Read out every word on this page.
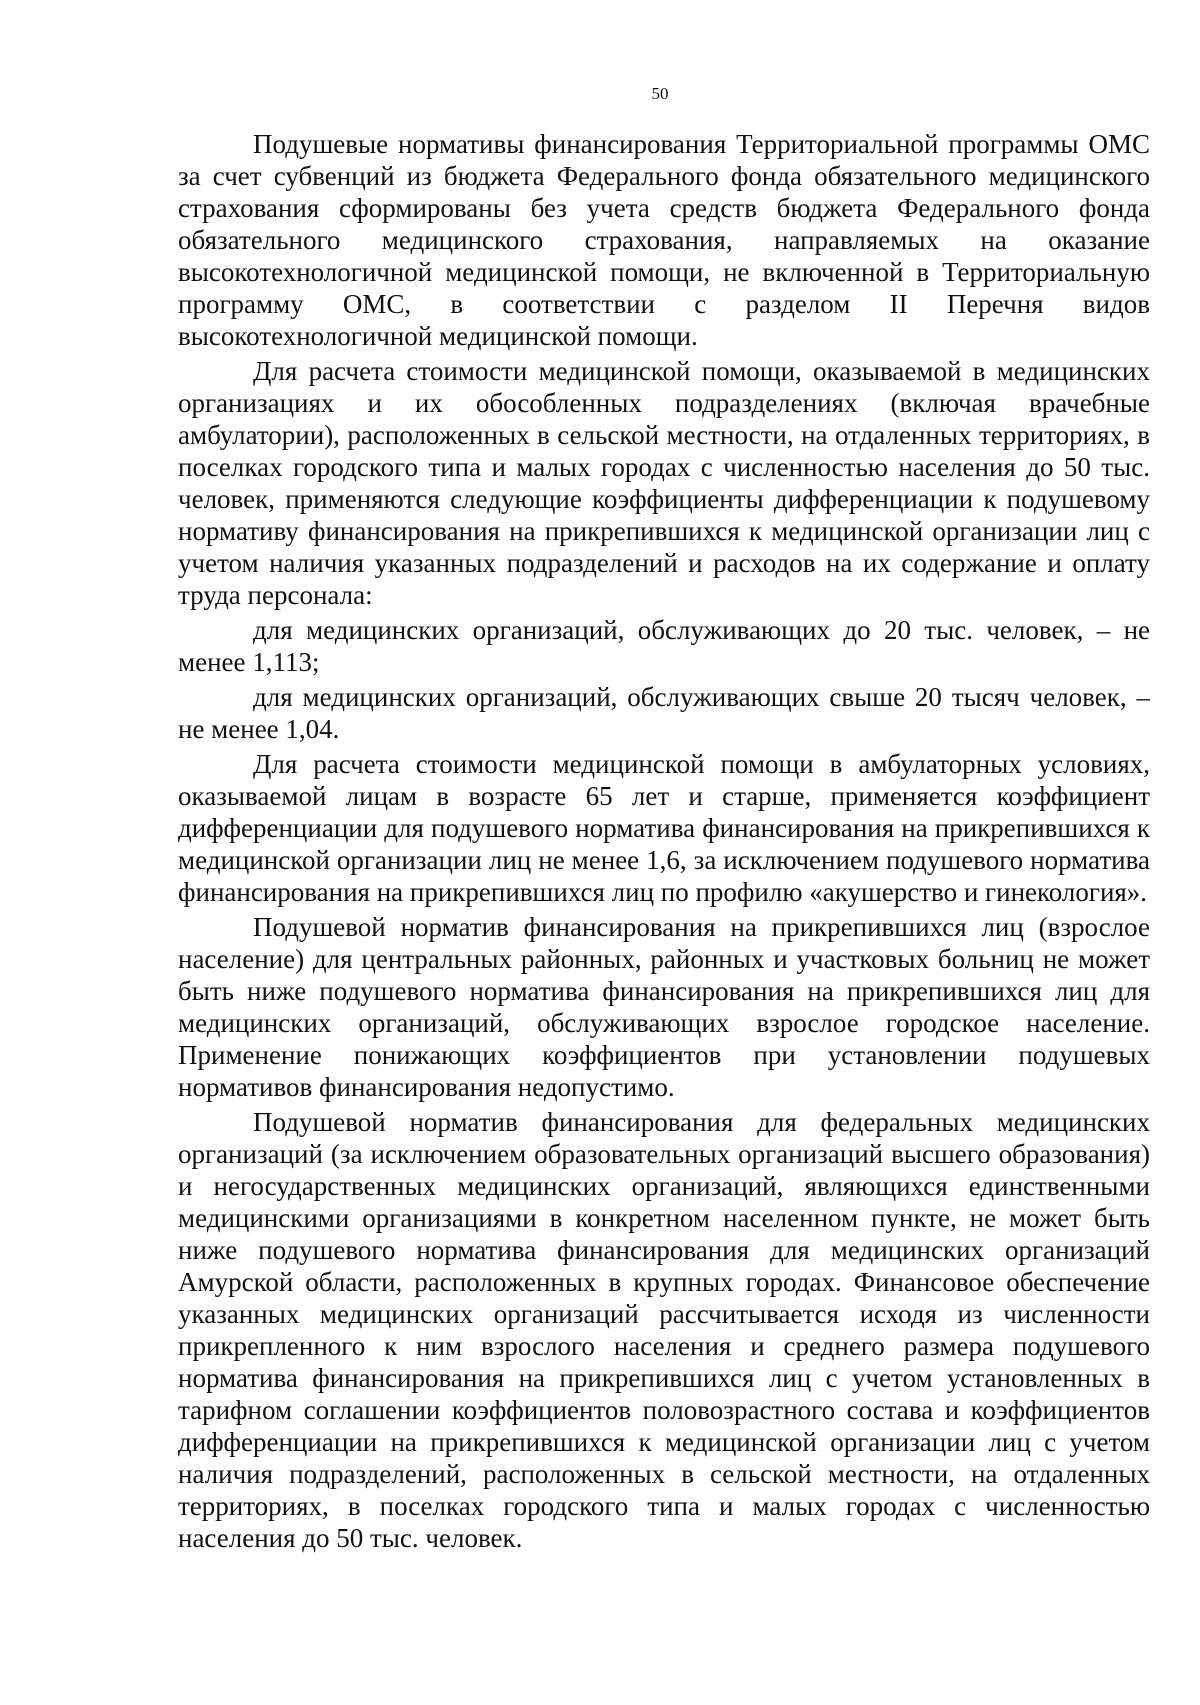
50

Подушевые нормативы финансирования Территориальной программы ОМС за счет субвенций из бюджета Федерального фонда обязательного медицинского страхования сформированы без учета средств бюджета Федерального фонда обязательного медицинского страхования, направляемых на оказание высокотехнологичной медицинской помощи, не включенной в Территориальную программу ОМС, в соответствии с разделом II Перечня видов высокотехнологичной медицинской помощи.

Для расчета стоимости медицинской помощи, оказываемой в медицинских организациях и их обособленных подразделениях (включая врачебные амбулатории), расположенных в сельской местности, на отдаленных территориях, в поселках городского типа и малых городах с численностью населения до 50 тыс. человек, применяются следующие коэффициенты дифференциации к подушевому нормативу финансирования на прикрепившихся к медицинской организации лиц с учетом наличия указанных подразделений и расходов на их содержание и оплату труда персонала:

для медицинских организаций, обслуживающих до 20 тыс. человек, – не менее 1,113;

для медицинских организаций, обслуживающих свыше 20 тысяч человек, – не менее 1,04.

Для расчета стоимости медицинской помощи в амбулаторных условиях, оказываемой лицам в возрасте 65 лет и старше, применяется коэффициент дифференциации для подушевого норматива финансирования на прикрепившихся к медицинской организации лиц не менее 1,6, за исключением подушевого норматива финансирования на прикрепившихся лиц по профилю «акушерство и гинекология».

Подушевой норматив финансирования на прикрепившихся лиц (взрослое население) для центральных районных, районных и участковых больниц не может быть ниже подушевого норматива финансирования на прикрепившихся лиц для медицинских организаций, обслуживающих взрослое городское население. Применение понижающих коэффициентов при установлении подушевых нормативов финансирования недопустимо.

Подушевой норматив финансирования для федеральных медицинских организаций (за исключением образовательных организаций высшего образования) и негосударственных медицинских организаций, являющихся единственными медицинскими организациями в конкретном населенном пункте, не может быть ниже подушевого норматива финансирования для медицинских организаций Амурской области, расположенных в крупных городах. Финансовое обеспечение указанных медицинских организаций рассчитывается исходя из численности прикрепленного к ним взрослого населения и среднего размера подушевого норматива финансирования на прикрепившихся лиц с учетом установленных в тарифном соглашении коэффициентов половозрастного состава и коэффициентов дифференциации на прикрепившихся к медицинской организации лиц с учетом наличия подразделений, расположенных в сельской местности, на отдаленных территориях, в поселках городского типа и малых городах с численностью населения до 50 тыс. человек.
